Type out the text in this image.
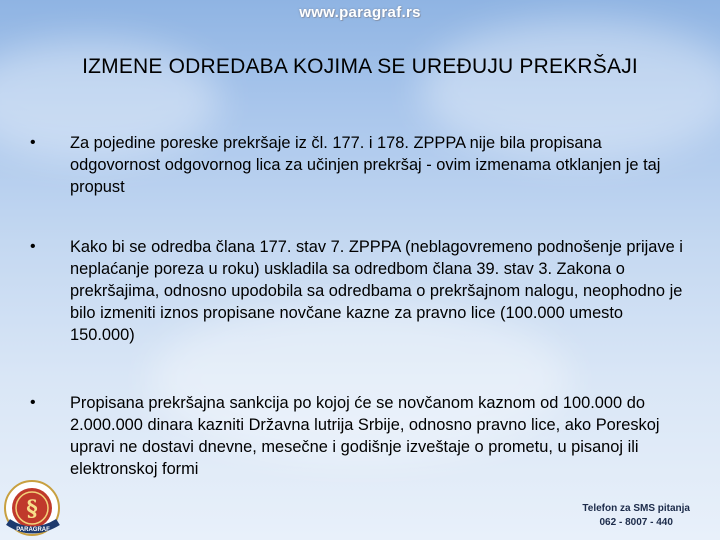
www.paragraf.rs
IZMENE ODREDABA KOJIMA SE UREĐUJU PREKRŠAJI
• Za pojedine poreske prekršaje iz čl. 177. i 178. ZPPPA nije bila propisana odgovornost odgovornog lica za učinjen prekršaj - ovim izmenama otklanjen je taj propust
• Kako bi se odredba člana 177. stav 7. ZPPPA (neblagovremeno podnošenje prijave i neplaćanje poreza u roku) uskladila sa odredbom člana 39. stav 3. Zakona o prekršajima, odnosno upodobila sa odredbama o prekršajnom nalogu, neophodno je bilo izmeniti iznos propisane novčane kazne za pravno lice (100.000 umesto 150.000)
• Propisana prekršajna sankcija po kojoj će se novčanom kaznom od 100.000 do 2.000.000 dinara kazniti Državna lutrija Srbije, odnosno pravno lice, ako Poreskoj upravi ne dostavi dnevne, mesečne i godišnje izveštaje o prometu, u pisanoj ili elektronskoj formi
§
PARAGRAF
Telefon za SMS pitanja
062 - 8007 - 440
